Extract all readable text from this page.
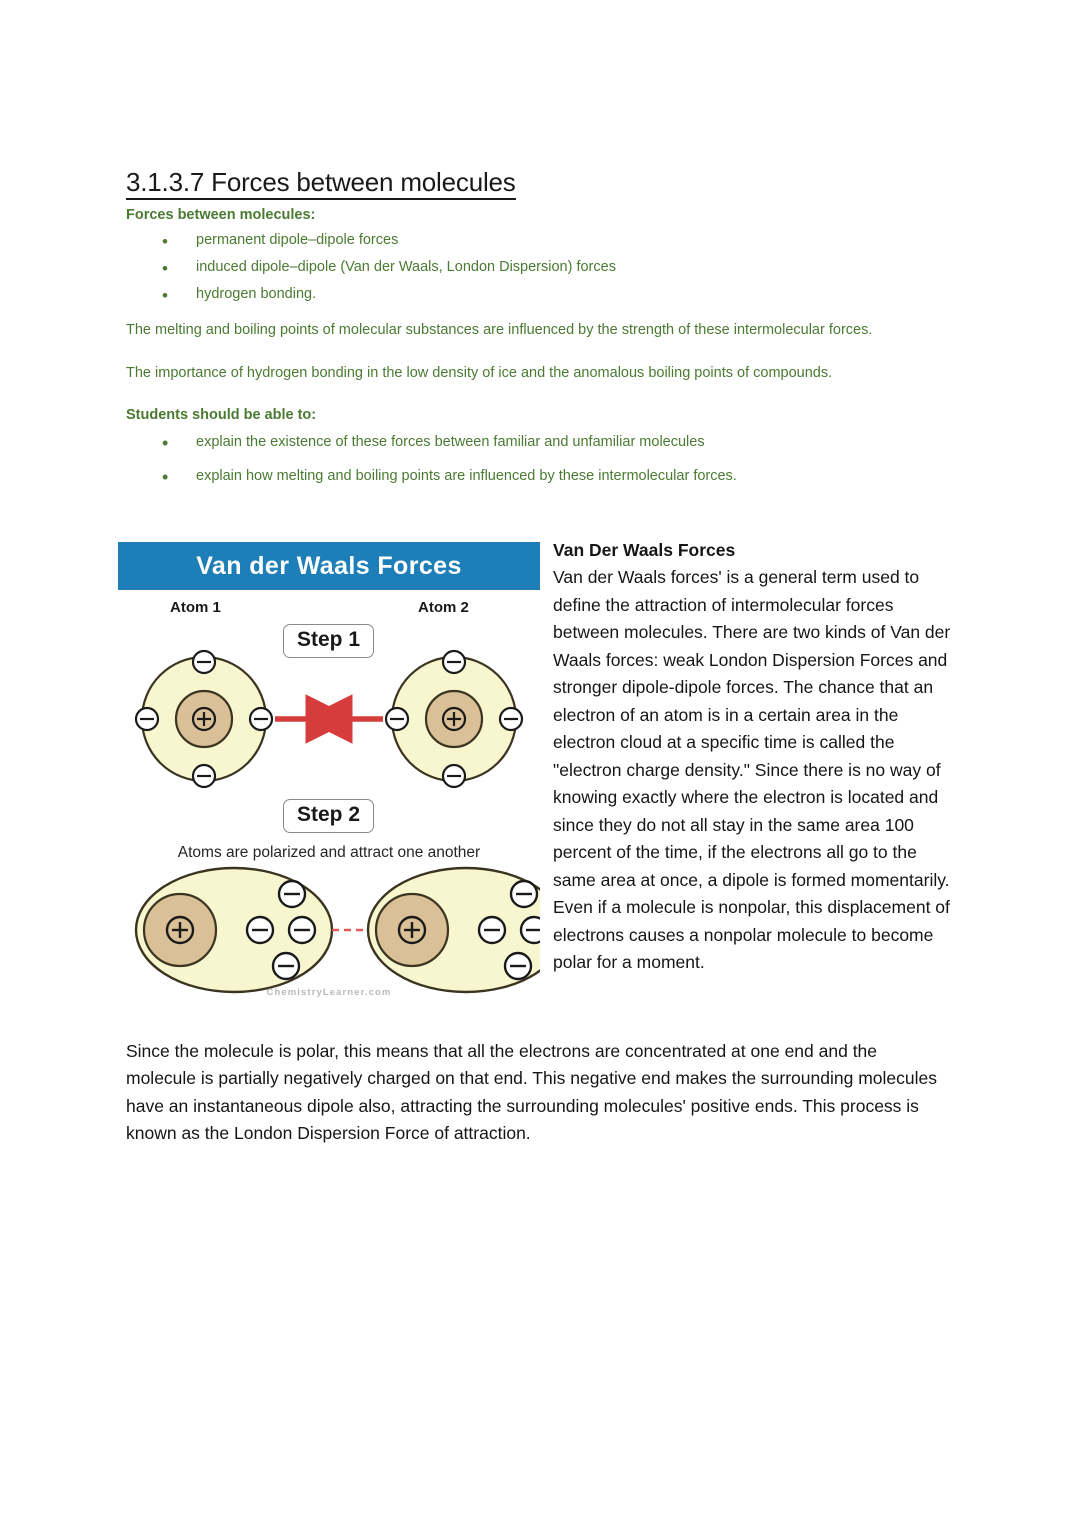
3.1.3.7 Forces between molecules
Forces between molecules:
• permanent dipole–dipole forces
• induced dipole–dipole (Van der Waals, London Dispersion) forces
• hydrogen bonding.
The melting and boiling points of molecular substances are influenced by the strength of these intermolecular forces.
The importance of hydrogen bonding in the low density of ice and the anomalous boiling points of compounds.
Students should be able to:
• explain the existence of these forces between familiar and unfamiliar molecules
• explain how melting and boiling points are influenced by these intermolecular forces.
Van der Waals Forces
Atom 1	Atom 2
Step 1
Step 2
Atoms are polarized and attract one another
ChemistryLearner.com
Van Der Waals Forces
Van der Waals forces' is a general term used to define the attraction of intermolecular forces between molecules. There are two kinds of Van der Waals forces: weak London Dispersion Forces and stronger dipole-dipole forces. The chance that an electron of an atom is in a certain area in the electron cloud at a specific time is called the "electron charge density." Since there is no way of knowing exactly where the electron is located and since they do not all stay in the same area 100 percent of the time, if the electrons all go to the same area at once, a dipole is formed momentarily. Even if a molecule is nonpolar, this displacement of electrons causes a nonpolar molecule to become polar for a moment.
Since the molecule is polar, this means that all the electrons are concentrated at one end and the molecule is partially negatively charged on that end. This negative end makes the surrounding molecules have an instantaneous dipole also, attracting the surrounding molecules' positive ends. This process is known as the London Dispersion Force of attraction.
